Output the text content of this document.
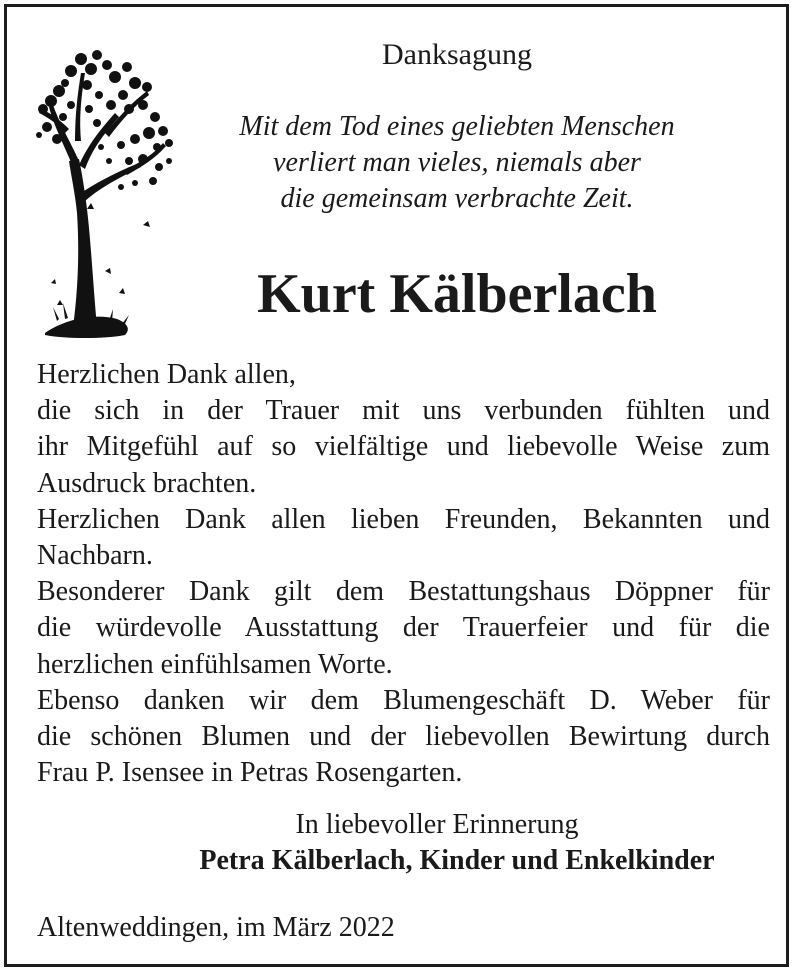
Danksagung

Mit dem Tod eines geliebten Menschen
verliert man vieles, niemals aber
die gemeinsam verbrachte Zeit.

Kurt Kälberlach
Herzlichen Dank allen,
die sich in der Trauer mit uns verbunden fühlten und
ihr Mitgefühl auf so vielfältige und liebevolle Weise zum
Ausdruck brachten.
Herzlichen Dank allen lieben Freunden, Bekannten und
Nachbarn.
Besonderer Dank gilt dem Bestattungshaus Döppner für
die würdevolle Ausstattung der Trauerfeier und für die
herzlichen einfühlsamen Worte.
Ebenso danken wir dem Blumengeschäft D. Weber für
die schönen Blumen und der liebevollen Bewirtung durch
Frau P. Isensee in Petras Rosengarten.

In liebevoller Erinnerung

Petra Kälberlach, Kinder und Enkelkinder

Altenweddingen, im März 2022
